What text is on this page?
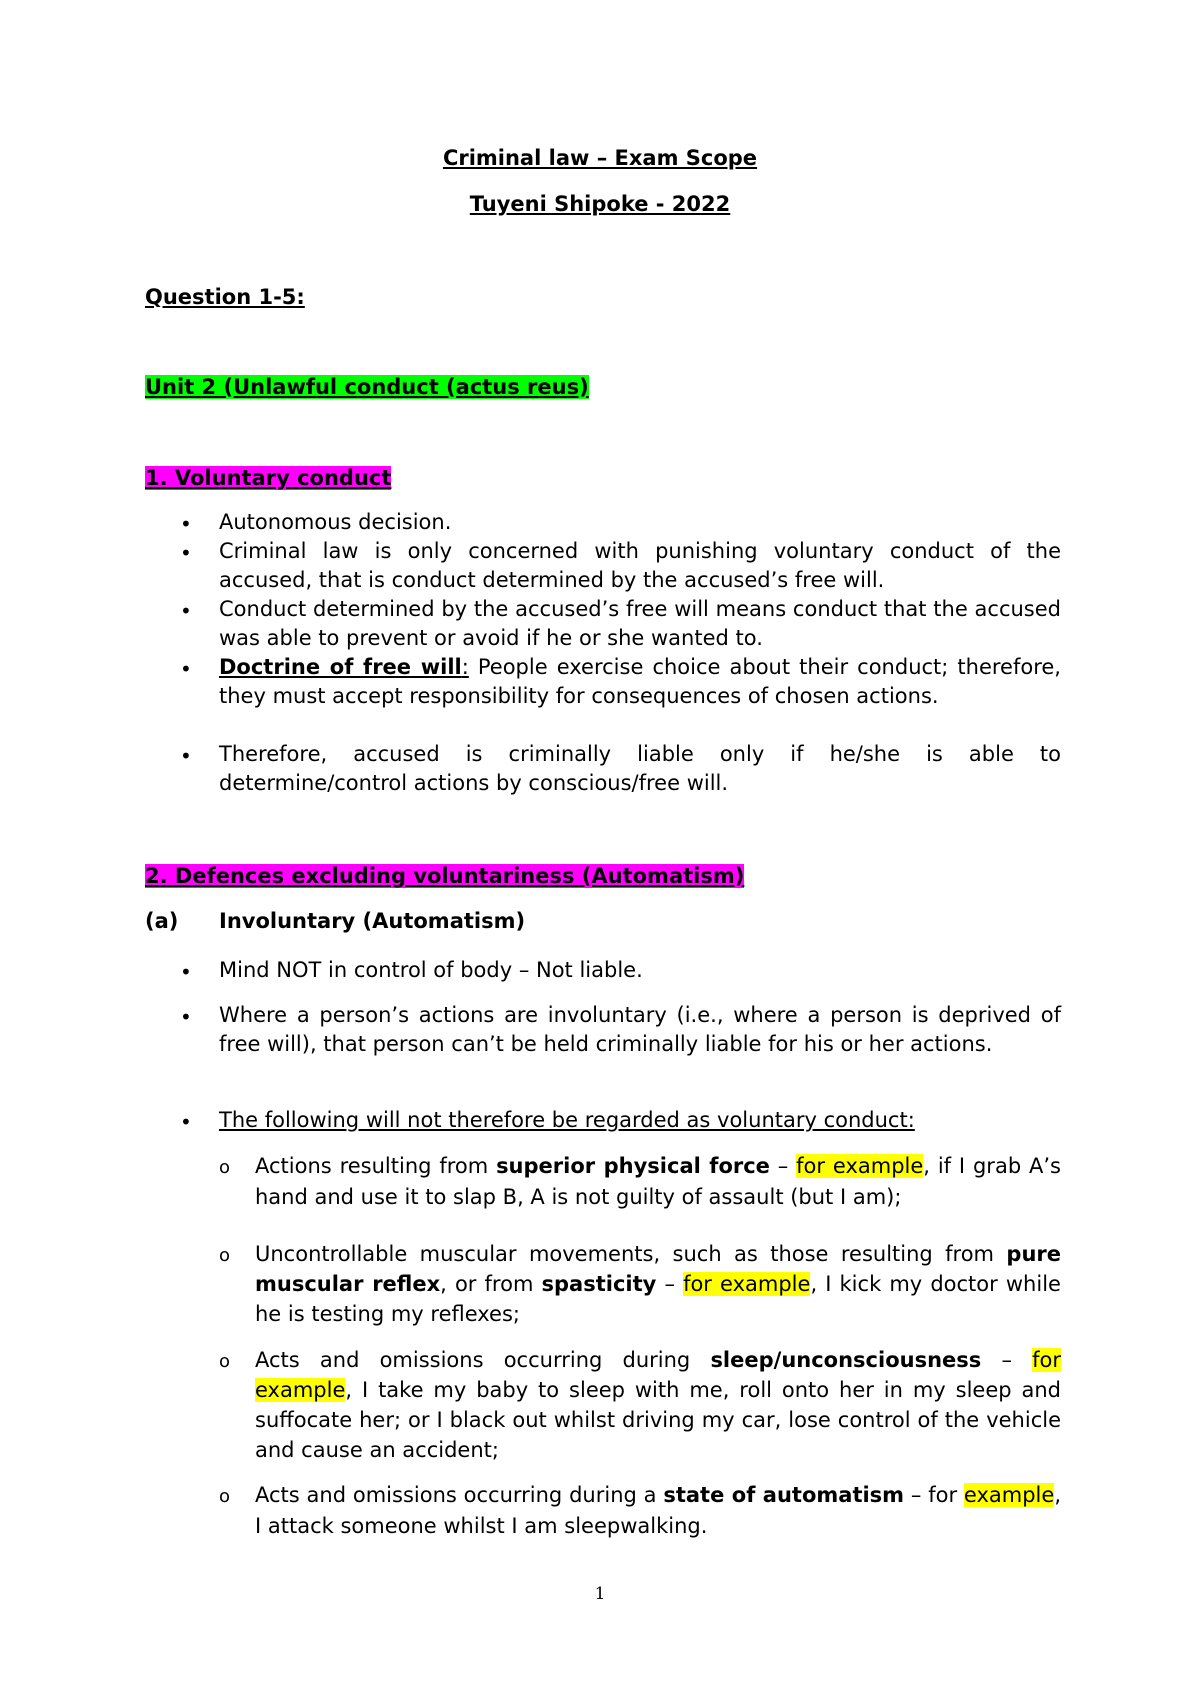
Criminal law – Exam Scope
Tuyeni Shipoke - 2022
Question 1-5:
Unit 2 (Unlawful conduct (actus reus)
1. Voluntary conduct
• Autonomous decision.
• Criminal law is only concerned with punishing voluntary conduct of the accused, that is conduct determined by the accused’s free will.
• Conduct determined by the accused’s free will means conduct that the accused was able to prevent or avoid if he or she wanted to.
• Doctrine of free will: People exercise choice about their conduct; therefore, they must accept responsibility for consequences of chosen actions.
• Therefore, accused is criminally liable only if he/she is able to determine/control actions by conscious/free will.
2. Defences excluding voluntariness (Automatism)
(a) Involuntary (Automatism)
• Mind NOT in control of body – Not liable.
• Where a person’s actions are involuntary (i.e., where a person is deprived of free will), that person can’t be held criminally liable for his or her actions.
• The following will not therefore be regarded as voluntary conduct:
o Actions resulting from superior physical force – for example, if I grab A’s hand and use it to slap B, A is not guilty of assault (but I am);
o Uncontrollable muscular movements, such as those resulting from pure muscular reflex, or from spasticity – for example, I kick my doctor while he is testing my reflexes;
o Acts and omissions occurring during sleep/unconsciousness – for example, I take my baby to sleep with me, roll onto her in my sleep and suffocate her; or I black out whilst driving my car, lose control of the vehicle and cause an accident;
o Acts and omissions occurring during a state of automatism – for example, I attack someone whilst I am sleepwalking.
1
